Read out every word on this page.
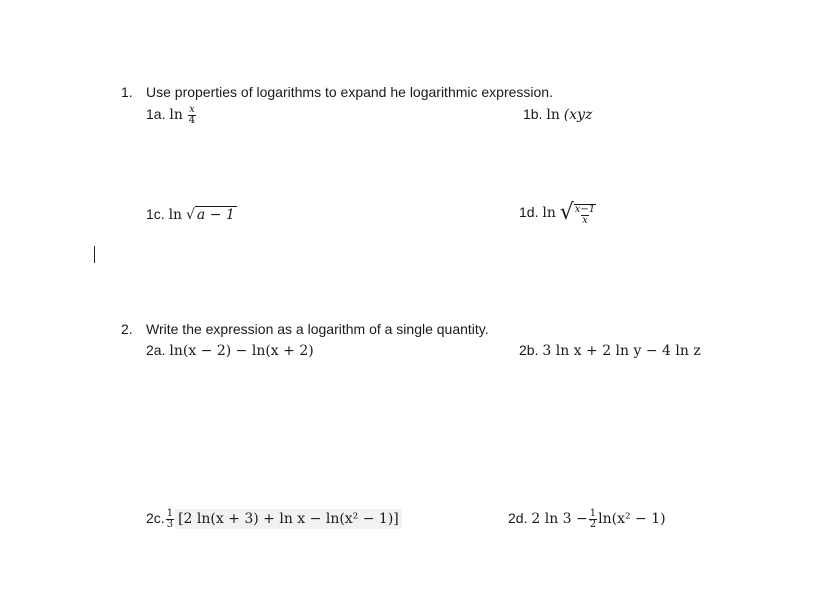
1. Use properties of logarithms to expand he logarithmic expression.
1a. $\ln \frac{x}{4}$	1b. ln (xyz
1c. ln √ a − 1	1d. ln √ $\frac{x-1}{x}$
2. Write the expression as a logarithm of a single quantity.
2a. ln(x − 2) − ln(x + 2)	2b. 3 ln x + 2 ln y − 4 ln z
2c. $\frac{1}{3} [2$ ln(x + 3) + ln x − ln(x² − 1)]	2d. 2 $\ln 3 - \frac{1}{2} \ln(x^2 - 1)$
